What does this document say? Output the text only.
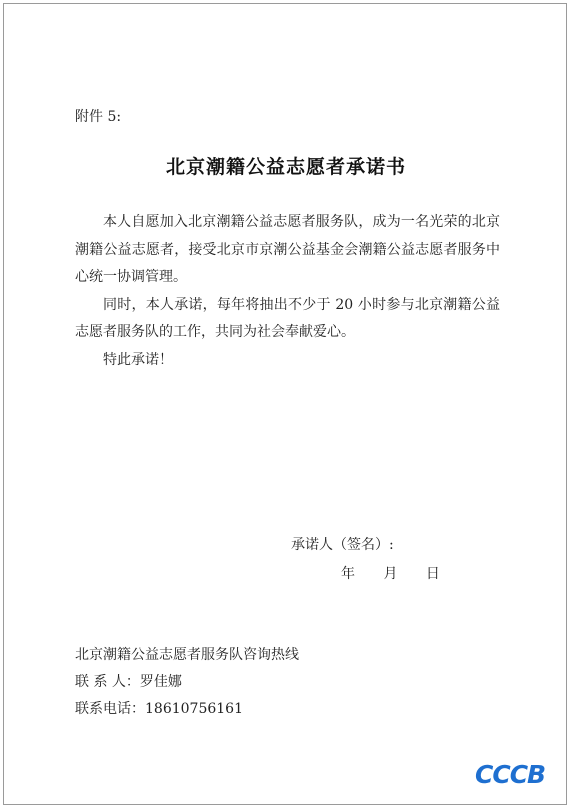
附件 5:
北京潮籍公益志愿者承诺书

本人自愿加入北京潮籍公益志愿者服务队，成为一名光荣的北京潮籍公益志愿者，接受北京市京潮公益基金会潮籍公益志愿者服务中心统一协调管理。

同时，本人承诺，每年将抽出不少于 20 小时参与北京潮籍公益志愿者服务队的工作，共同为社会奉献爱心。

特此承诺！

承诺人（签名）:
年 月 日
北京潮籍公益志愿者服务队咨询热线
联 系 人：罗佳娜
联系电话：18610756161
CCCB
